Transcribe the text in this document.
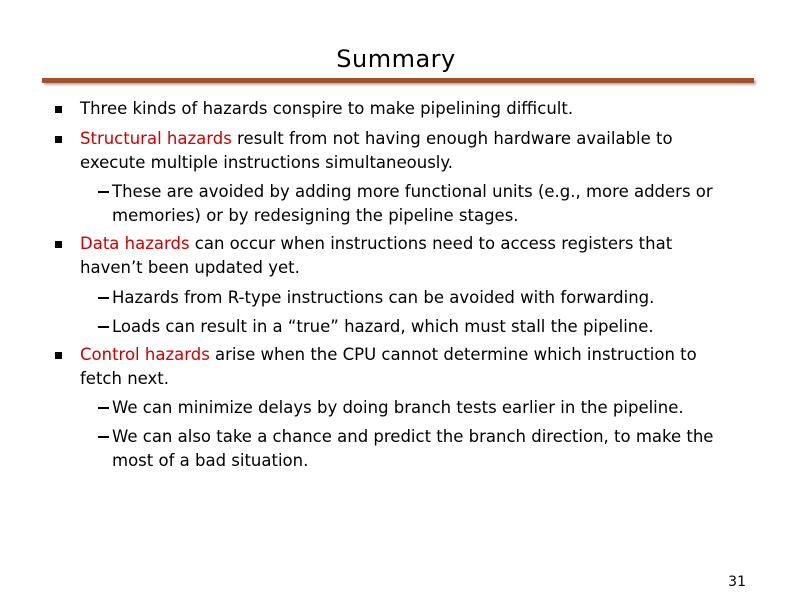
Summary

Three kinds of hazards conspire to make pipelining difficult.

Structural hazards result from not having enough hardware available to execute multiple instructions simultaneously.

These are avoided by adding more functional units (e.g., more adders or memories) or by redesigning the pipeline stages.

Data hazards can occur when instructions need to access registers that haven’t been updated yet.

Hazards from R-type instructions can be avoided with forwarding.

Loads can result in a “true” hazard, which must stall the pipeline.

Control hazards arise when the CPU cannot determine which instruction to fetch next.

We can minimize delays by doing branch tests earlier in the pipeline.

We can also take a chance and predict the branch direction, to make the most of a bad situation.

31
